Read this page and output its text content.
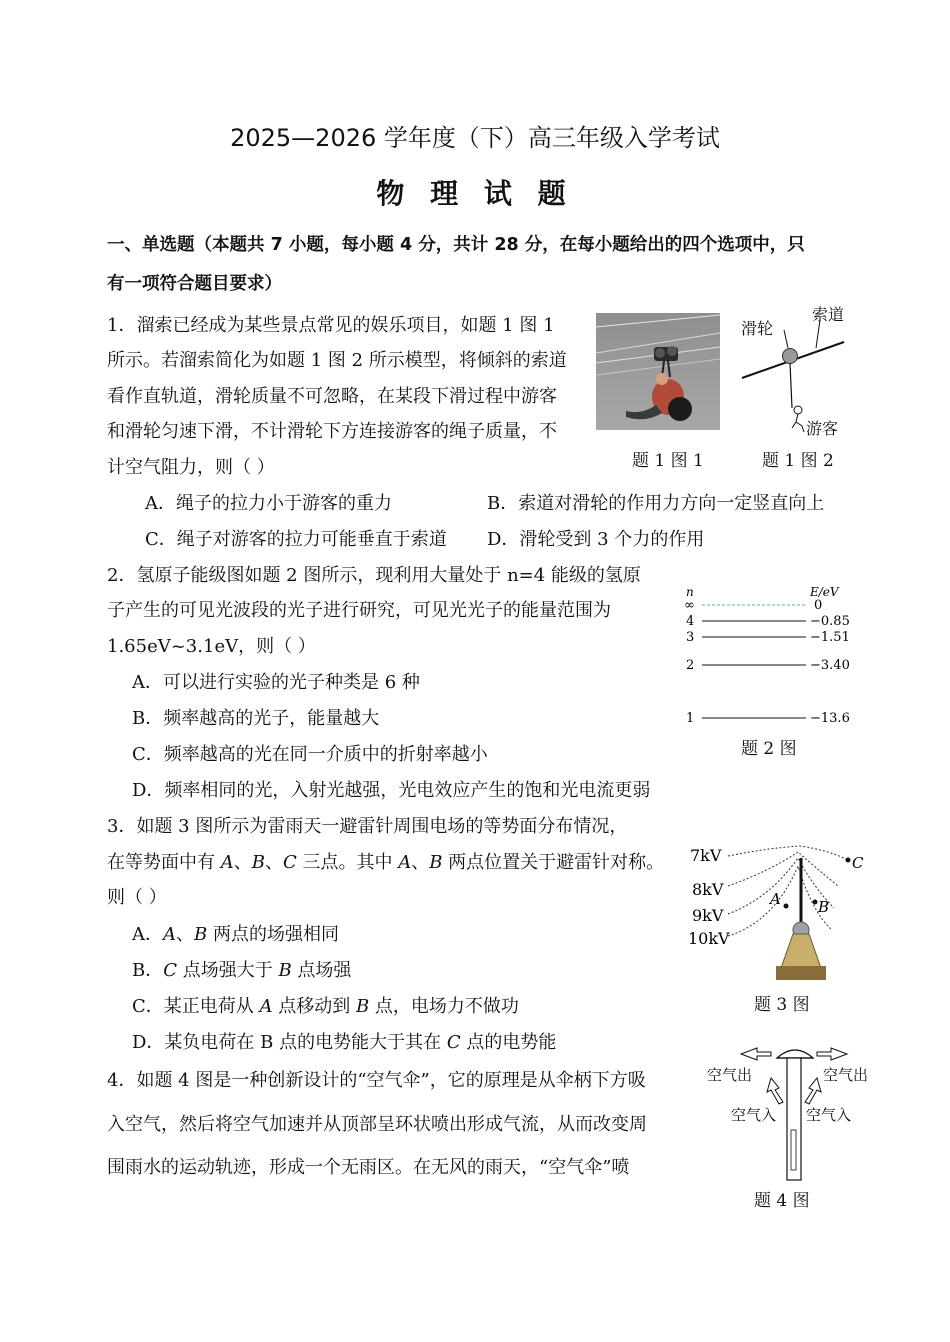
2025—2026 学年度（下）高三年级入学考试
物 理 试 题
一、单选题（本题共 7 小题，每小题 4 分，共计 28 分，在每小题给出的四个选项中，只
有一项符合题目要求）
1．溜索已经成为某些景点常见的娱乐项目，如题 1 图 1
所示。若溜索简化为如题 1 图 2 所示模型，将倾斜的索道
看作直轨道，滑轮质量不可忽略，在某段下滑过程中游客
和滑轮匀速下滑，不计滑轮下方连接游客的绳子质量，不
计空气阻力，则（ ）
A．绳子的拉力小于游客的重力	B．索道对滑轮的作用力方向一定竖直向上
C．绳子对游客的拉力可能垂直于索道 D．滑轮受到 3 个力的作用
滑轮
索道
游客
题 1 图 1	题 1 图 2
2．氢原子能级图如题 2 图所示，现利用大量处于 n=4 能级的氢原
子产生的可见光波段的光子进行研究，可见光光子的能量范围为
1.65eV~3.1eV，则（ ）
A．可以进行实验的光子种类是 6 种
B．频率越高的光子，能量越大
C．频率越高的光在同一介质中的折射率越小
D．频率相同的光，入射光越强，光电效应产生的饱和光电流更弱
n	E/eV
∞
4
3
2
1
0
−0.85
−1.51
−3.40
−13.6
题 2 图
3．如题 3 图所示为雷雨天一避雷针周围电场的等势面分布情况，
在等势面中有 A、B、C 三点。其中 A、B 两点位置关于避雷针对称。
则（ ）
A．A、B 两点的场强相同
B．C 点场强大于 B 点场强
C．某正电荷从 A 点移动到 B 点，电场力不做功
D．某负电荷在 B 点的电势能大于其在 C 点的电势能
A B
C
7kV
8kV
9kV
10kV
题 3 图
4．如题 4 图是一种创新设计的“空气伞”，它的原理是从伞柄下方吸
入空气，然后将空气加速并从顶部呈环状喷出形成气流，从而改变周
围雨水的运动轨迹，形成一个无雨区。在无风的雨天，“空气伞”喷
空气出	空气出
空气入 空气入
题 4 图
